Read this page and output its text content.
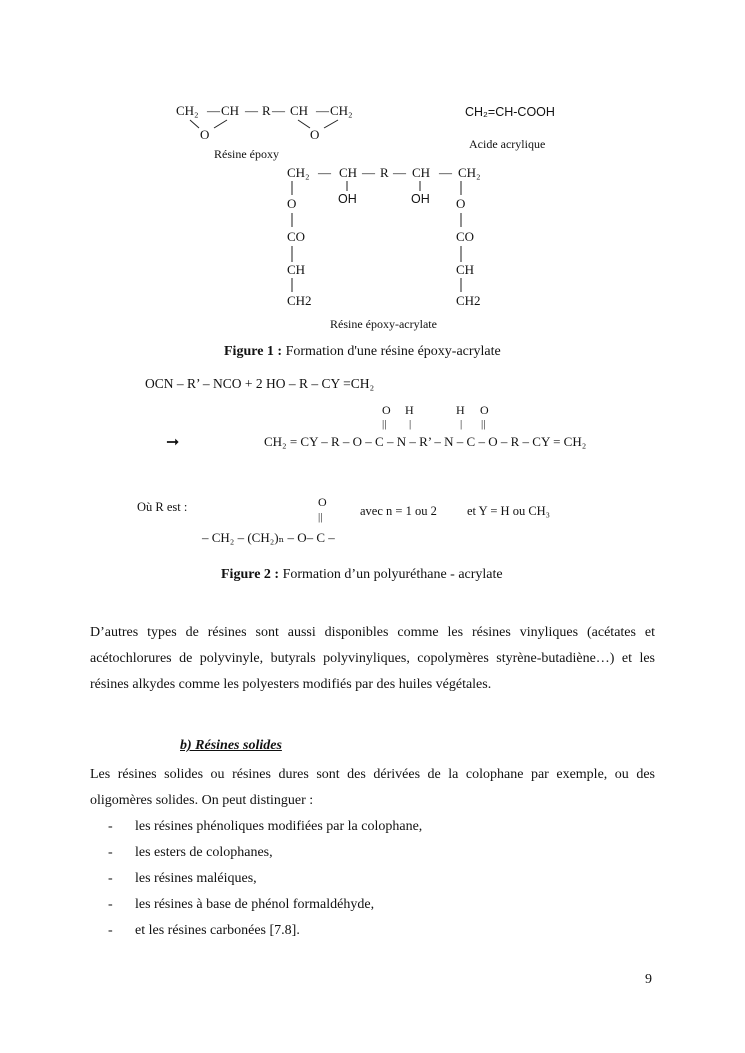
CH₂ — CH — R — CH — CH₂
O	O
Résine époxy
CH₂=CH-COOH
Acide acrylique
CH₂ — CH — R — CH — CH₂
OH	OH
O
CO
CH
CH2
O
CO
CH
CH2
Résine époxy-acrylate
Figure 1 : Formation d'une résine époxy-acrylate
OCN – R’ – NCO + 2 HO – R – CY =CH₂
O H	H O
|| |	| ||
➞	CH₂ = CY – R – O – C – N – R’ – N – C – O – R – CY = CH₂
Où R est :	O
||	avec n = 1 ou 2 et Y = H ou CH₃
– CH₂ – (CH₂)ₙ – O– C –
Figure 2 : Formation d’un polyuréthane - acrylate
D’autres types de résines sont aussi disponibles comme les résines vinyliques (acétates et acétochlorures de polyvinyle, butyrals polyvinyliques, copolymères styrène-butadiène…) et les résines alkydes comme les polyesters modifiés par des huiles végétales.
b) Résines solides
Les résines solides ou résines dures sont des dérivées de la colophane par exemple, ou des oligomères solides. On peut distinguer :
- les résines phénoliques modifiées par la colophane,
- les esters de colophanes,
- les résines maléiques,
- les résines à base de phénol formaldéhyde,
- et les résines carbonées [7.8].
9
